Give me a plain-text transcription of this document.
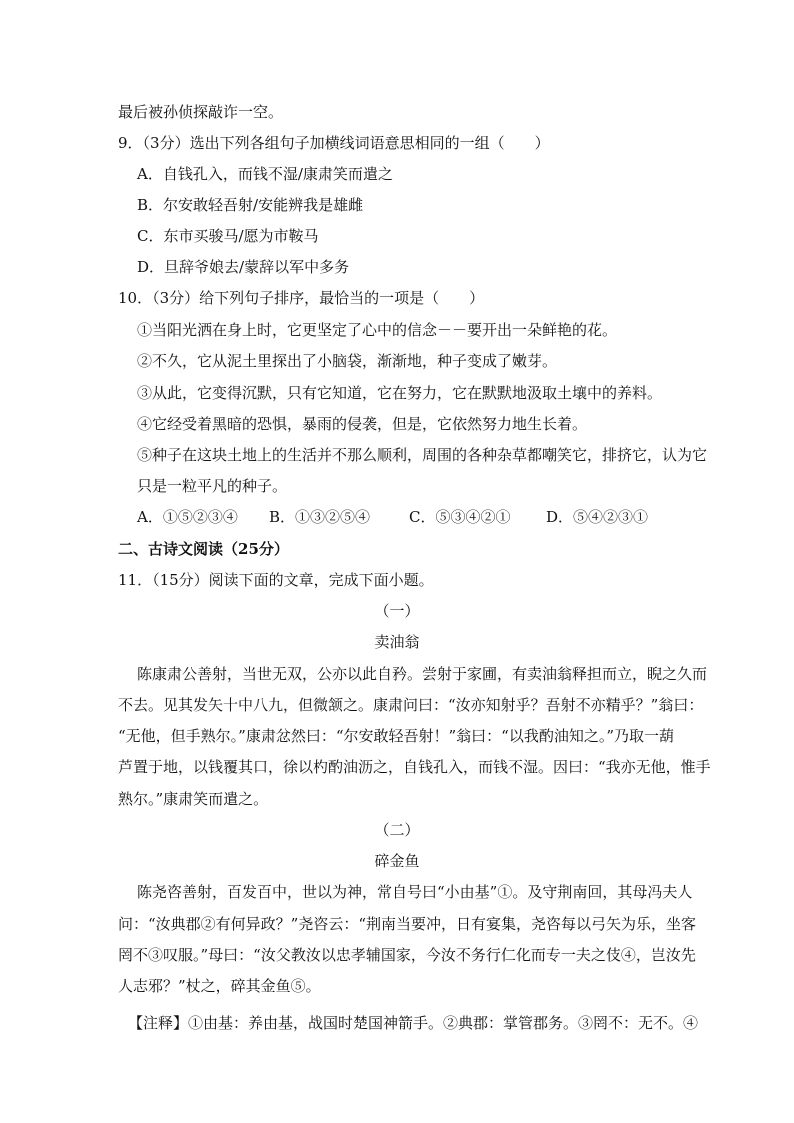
最后被孙侦探敲诈一空。
9．（3分）选出下列各组句子加横线词语意思相同的一组（　　）
A．自钱孔入，而钱不湿/康肃笑而遣之
B．尔安敢轻吾射/安能辨我是雄雌
C．东市买骏马/愿为市鞍马
D．旦辞爷娘去/蒙辞以军中多务
10．（3分）给下列句子排序，最恰当的一项是（　　）
①当阳光洒在身上时，它更坚定了心中的信念－－要开出一朵鲜艳的花。
②不久，它从泥土里探出了小脑袋，渐渐地，种子变成了嫩芽。
③从此，它变得沉默，只有它知道，它在努力，它在默默地汲取土壤中的养料。
④它经受着黑暗的恐惧，暴雨的侵袭，但是，它依然努力地生长着。
⑤种子在这块土地上的生活并不那么顺利，周围的各种杂草都嘲笑它，排挤它，认为它
只是一粒平凡的种子。
A．①⑤②③④ B．①③②⑤④	C．⑤③④②① D．⑤④②③①
二、古诗文阅读（25分）
11．（15分）阅读下面的文章，完成下面小题。
（一）
卖油翁
陈康肃公善射，当世无双，公亦以此自矜。尝射于家圃，有卖油翁释担而立，睨之久而
不去。见其发矢十中八九，但微颔之。康肃问曰：“汝亦知射乎？吾射不亦精乎？”翁曰：
“无他，但手熟尔。”康肃忿然曰：“尔安敢轻吾射！”翁曰：“以我酌油知之。”乃取一葫
芦置于地，以钱覆其口，徐以杓酌油沥之，自钱孔入，而钱不湿。因曰：“我亦无他，惟手
熟尔。”康肃笑而遣之。
（二）
碎金鱼
陈尧咨善射，百发百中，世以为神，常自号曰“小由基”①。及守荆南回，其母冯夫人
问：“汝典郡②有何异政？”尧咨云：“荆南当要冲，日有宴集，尧咨每以弓矢为乐，坐客
罔不③叹服。”母曰：“汝父教汝以忠孝辅国家，今汝不务行仁化而专一夫之伎④，岂汝先
人志邪？”杖之，碎其金鱼⑤。
【注释】①由基：养由基，战国时楚国神箭手。②典郡：掌管郡务。③罔不：无不。④
